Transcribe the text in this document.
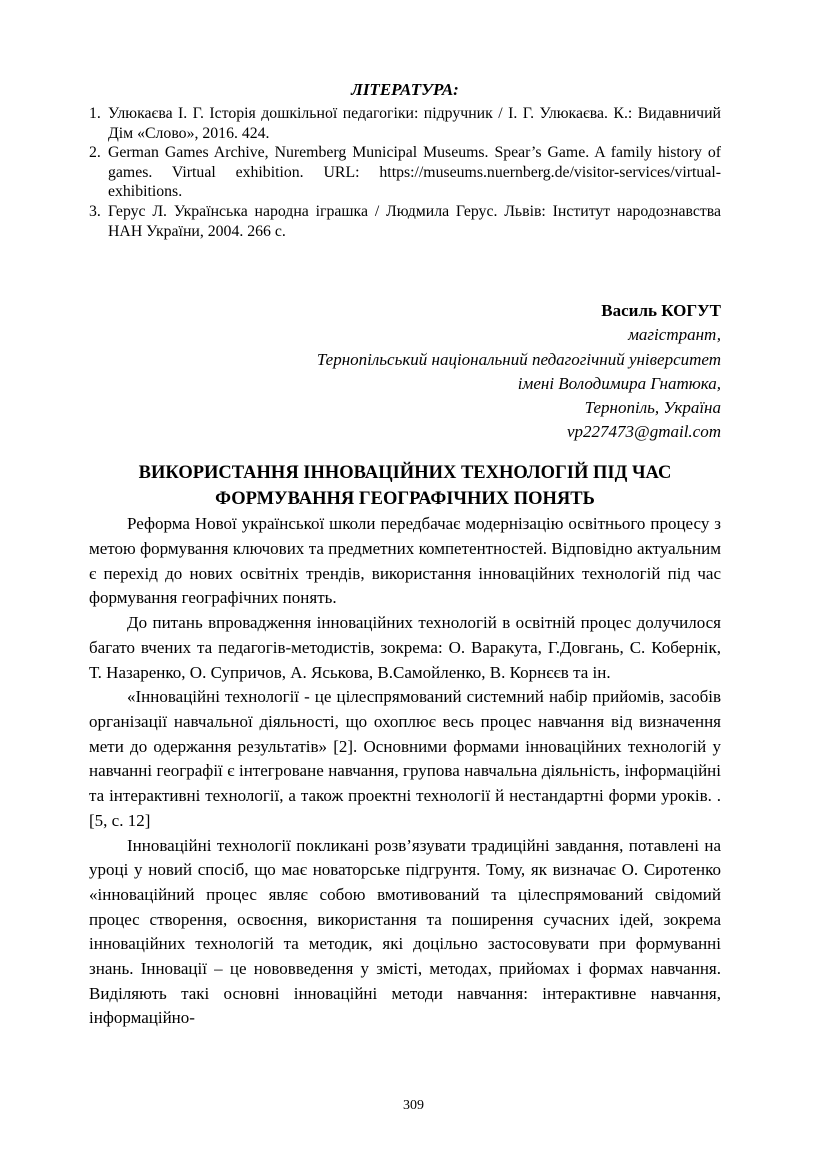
ЛІТЕРАТУРА:
1. Улюкаєва І. Г. Історія дошкільної педагогіки: підручник / І. Г. Улюкаєва. К.: Видавничий Дім «Слово», 2016. 424.
2. German Games Archive, Nuremberg Municipal Museums. Spear’s Game. A family history of games. Virtual exhibition. URL: https://museums.nuernberg.de/visitor-services/virtual-exhibitions.
3. Герус Л. Українська народна іграшка / Людмила Герус. Львів: Інститут народознавства НАН України, 2004. 266 с.
Василь КОГУТ
магістрант,
Тернопільський національний педагогічний університет
імені Володимира Гнатюка,
Тернопіль, Україна
vp227473@gmail.com
ВИКОРИСТАННЯ ІННОВАЦІЙНИХ ТЕХНОЛОГІЙ ПІД ЧАС
ФОРМУВАННЯ ГЕОГРАФІЧНИХ ПОНЯТЬ

Реформа Нової української школи передбачає модернізацію освітнього процесу з метою формування ключових та предметних компетентностей. Відповідно актуальним є перехід до нових освітніх трендів, використання інноваційних технологій під час формування географічних понять.

До питань впровадження інноваційних технологій в освітній процес долучилося багато вчених та педагогів-методистів, зокрема: О. Варакута, Г.Довгань, С. Кобернік, Т. Назаренко, О. Супричов, А. Яськова, В.Самойленко, В. Корнєєв та ін.

«Інноваційні технології - це цілеспрямований системний набір прийомів, засобів організації навчальної діяльності, що охоплює весь процес навчання від визначення мети до одержання результатів» [2]. Основними формами інноваційних технологій у навчанні географії є інтегроване навчання, групова навчальна діяльність, інформаційні та інтерактивні технології, а також проектні технології й нестандартні форми уроків. . [5, с. 12]

Інноваційні технології покликані розв’язувати традиційні завдання, потавлені на уроці у новий спосіб, що має новаторське підгрунтя. Тому, як визначає О. Сиротенко «інноваційний процес являє собою вмотивований та цілеспрямований свідомий процес створення, освоєння, використання та поширення сучасних ідей, зокрема інноваційних технологій та методик, які доцільно застосовувати при формуванні знань. Інновації – це нововведення у змісті, методах, прийомах і формах навчання. Виділяють такі основні інноваційні методи навчання: інтерактивне навчання, інформаційно-

309
